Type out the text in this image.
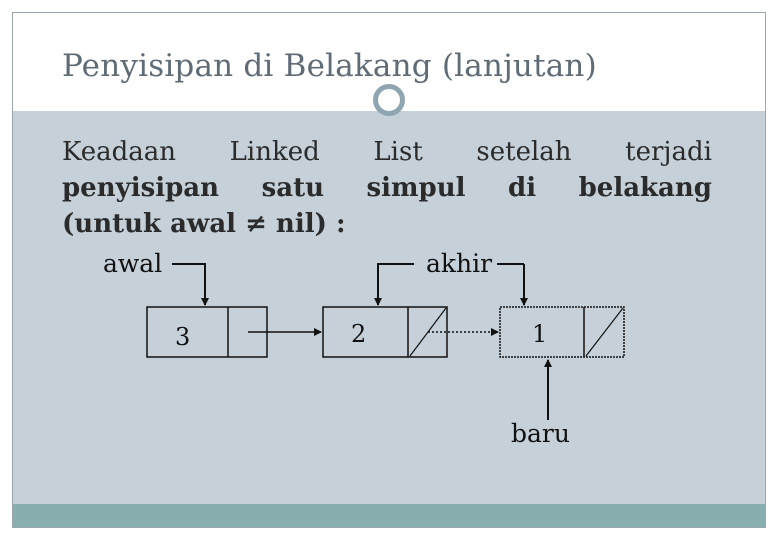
Penyisipan di Belakang (lanjutan)
Keadaan Linked List setelah terjadi
penyisipan satu simpul di belakang
(untuk awal ≠ nil) :
awal	akhir
baru
3	2	1
